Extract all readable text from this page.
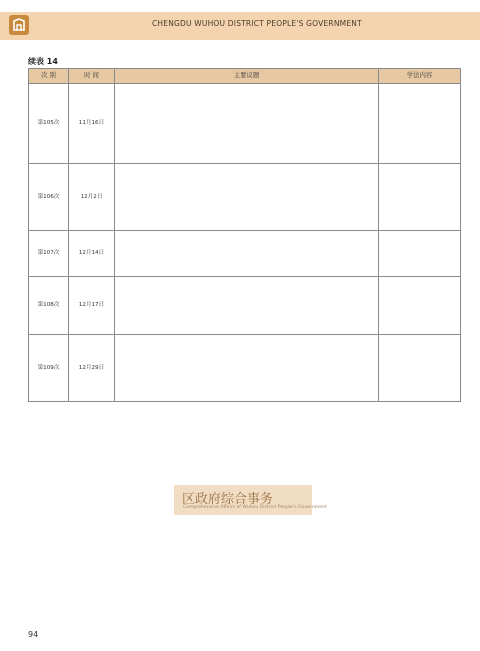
CHENGDU WUHOU DISTRICT PEOPLE'S GOVERNMENT
续表 14
次 别	时 间	主要议题	学法内容
第105次	11月16日		
第106次	12月2日		
第107次	12月14日		
第108次	12月17日		
第109次	12月29日		

区政府综合事务
Comprehensive Affairs of Wuhou District People's Government

94
